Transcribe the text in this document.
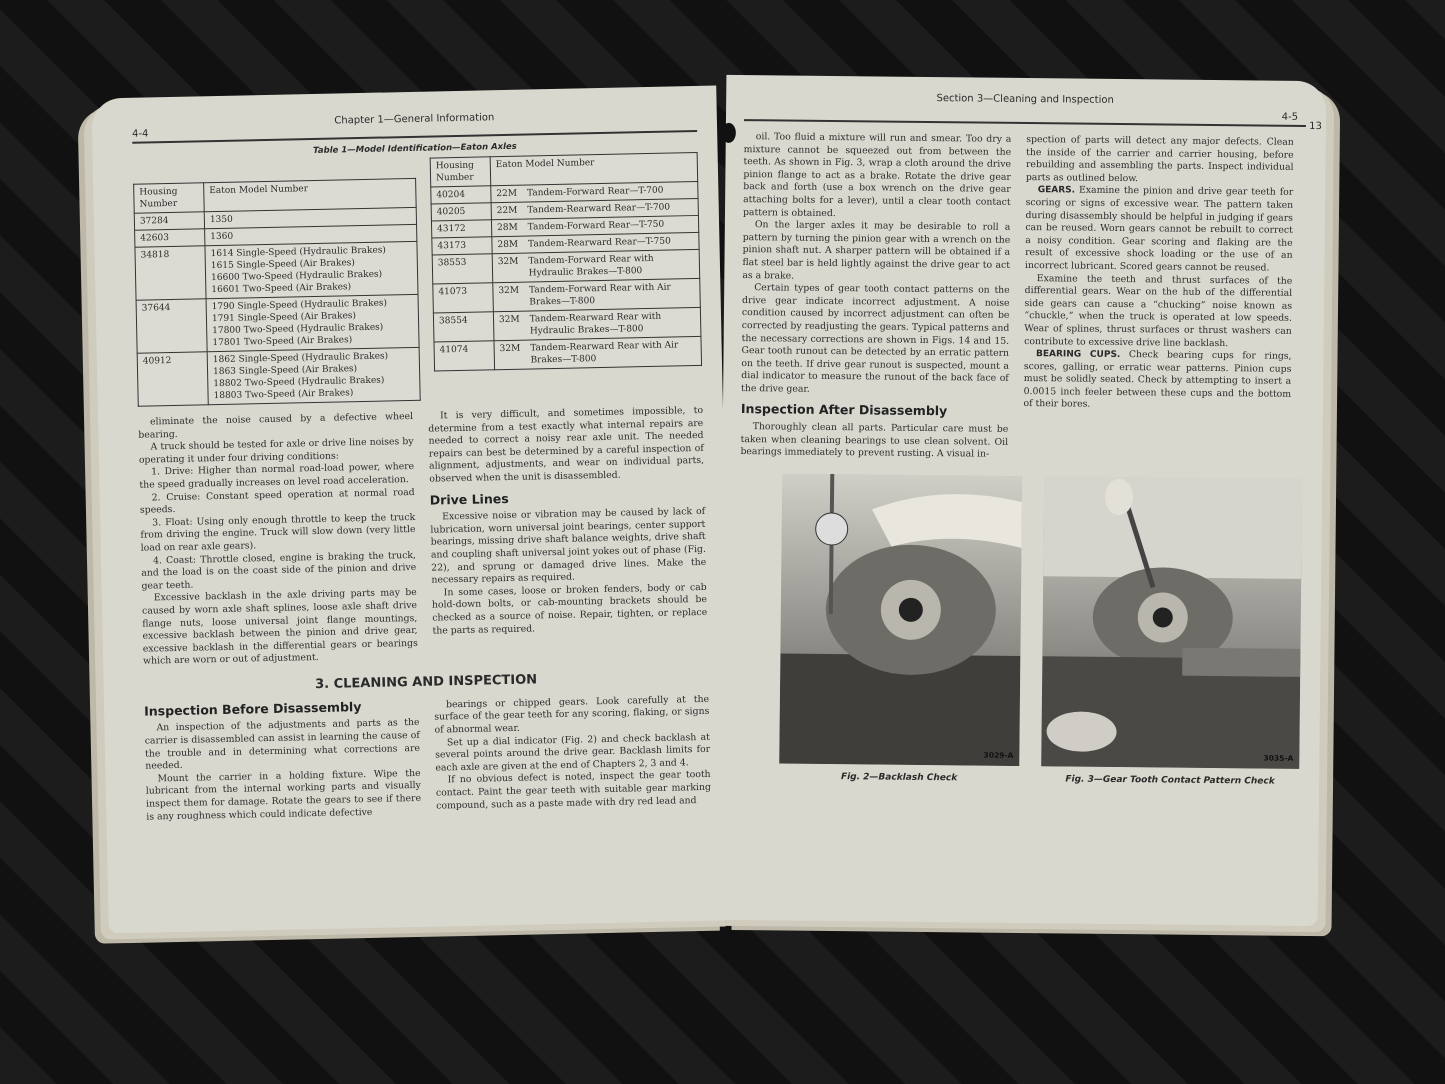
4-4
Chapter 1—General Information
Table 1—Model Identification—Eaton Axles
Housing Number	Eaton Model Number
37284	1350
42603	1360
34818	1614 Single-Speed (Hydraulic Brakes)
1615 Single-Speed (Air Brakes)
16600 Two-Speed (Hydraulic Brakes)
16601 Two-Speed (Air Brakes)
37644	1790 Single-Speed (Hydraulic Brakes)
1791 Single-Speed (Air Brakes)
17800 Two-Speed (Hydraulic Brakes)
17801 Two-Speed (Air Brakes)
40912	1862 Single-Speed (Hydraulic Brakes)
1863 Single-Speed (Air Brakes)
18802 Two-Speed (Hydraulic Brakes)
18803 Two-Speed (Air Brakes)
Housing Number	Eaton Model Number	
40204	22M	Tandem-Forward Rear—T-700
40205	22M	Tandem-Rearward Rear—T-700
43172	28M	Tandem-Forward Rear—T-750
43173	28M	Tandem-Rearward Rear—T-750
38553	32M	Tandem-Forward Rear with Hydraulic Brakes—T-800
41073	32M	Tandem-Forward Rear with Air Brakes—T-800
38554	32M	Tandem-Rearward Rear with Hydraulic Brakes—T-800
41074	32M	Tandem-Rearward Rear with Air Brakes—T-800

eliminate the noise caused by a defective wheel bearing.

A truck should be tested for axle or drive line noises by operating it under four driving conditions:

1. Drive: Higher than normal road-load power, where the speed gradually increases on level road acceleration.

2. Cruise: Constant speed operation at normal road speeds.

3. Float: Using only enough throttle to keep the truck from driving the engine. Truck will slow down (very little load on rear axle gears).

4. Coast: Throttle closed, engine is braking the truck, and the load is on the coast side of the pinion and drive gear teeth.

Excessive backlash in the axle driving parts may be caused by worn axle shaft splines, loose axle shaft drive flange nuts, loose universal joint flange mountings, excessive backlash between the pinion and drive gear, excessive backlash in the differential gears or bearings which are worn or out of adjustment.

It is very difficult, and sometimes impossible, to determine from a test exactly what internal repairs are needed to correct a noisy rear axle unit. The needed repairs can best be determined by a careful inspection of alignment, adjustments, and wear on individual parts, observed when the unit is disassembled.

Drive Lines

Excessive noise or vibration may be caused by lack of lubrication, worn universal joint bearings, center support bearings, missing drive shaft balance weights, drive shaft and coupling shaft universal joint yokes out of phase (Fig. 22), and sprung or damaged drive lines. Make the necessary repairs as required.

In some cases, loose or broken fenders, body or cab hold-down bolts, or cab-mounting brackets should be checked as a source of noise. Repair, tighten, or replace the parts as required.

3. CLEANING AND INSPECTION
Inspection Before Disassembly

An inspection of the adjustments and parts as the carrier is disassembled can assist in learning the cause of the trouble and in determining what corrections are needed.

Mount the carrier in a holding fixture. Wipe the lubricant from the internal working parts and visually inspect them for damage. Rotate the gears to see if there is any roughness which could indicate defective

bearings or chipped gears. Look carefully at the surface of the gear teeth for any scoring, flaking, or signs of abnormal wear.

Set up a dial indicator (Fig. 2) and check backlash at several points around the drive gear. Backlash limits for each axle are given at the end of Chapters 2, 3 and 4.

If no obvious defect is noted, inspect the gear tooth contact. Paint the gear teeth with suitable gear marking compound, such as a paste made with dry red lead and

Section 3—Cleaning and Inspection
4-5
13

oil. Too fluid a mixture will run and smear. Too dry a mixture cannot be squeezed out from between the teeth. As shown in Fig. 3, wrap a cloth around the drive pinion flange to act as a brake. Rotate the drive gear back and forth (use a box wrench on the drive gear attaching bolts for a lever), until a clear tooth contact pattern is obtained.

On the larger axles it may be desirable to roll a pattern by turning the pinion gear with a wrench on the pinion shaft nut. A sharper pattern will be obtained if a flat steel bar is held lightly against the drive gear to act as a brake.

Certain types of gear tooth contact patterns on the drive gear indicate incorrect adjustment. A noise condition caused by incorrect adjustment can often be corrected by readjusting the gears. Typical patterns and the necessary corrections are shown in Figs. 14 and 15. Gear tooth runout can be detected by an erratic pattern on the teeth. If drive gear runout is suspected, mount a dial indicator to measure the runout of the back face of the drive gear.

Inspection After Disassembly

Thoroughly clean all parts. Particular care must be taken when cleaning bearings to use clean solvent. Oil bearings immediately to prevent rusting. A visual in-

spection of parts will detect any major defects. Clean the inside of the carrier and carrier housing, before rebuilding and assembling the parts. Inspect individual parts as outlined below.

GEARS. Examine the pinion and drive gear teeth for scoring or signs of excessive wear. The pattern taken during disassembly should be helpful in judging if gears can be reused. Worn gears cannot be rebuilt to correct a noisy condition. Gear scoring and flaking are the result of excessive shock loading or the use of an incorrect lubricant. Scored gears cannot be reused.

Examine the teeth and thrust surfaces of the differential gears. Wear on the hub of the differential side gears can cause a “chucking” noise known as “chuckle,” when the truck is operated at low speeds. Wear of splines, thrust surfaces or thrust washers can contribute to excessive drive line backlash.

BEARING CUPS. Check bearing cups for rings, scores, galling, or erratic wear patterns. Pinion cups must be solidly seated. Check by attempting to insert a 0.0015 inch feeler between these cups and the bottom of their bores.

3029-A
Fig. 2—Backlash Check
3035-A
Fig. 3—Gear Tooth Contact Pattern Check
